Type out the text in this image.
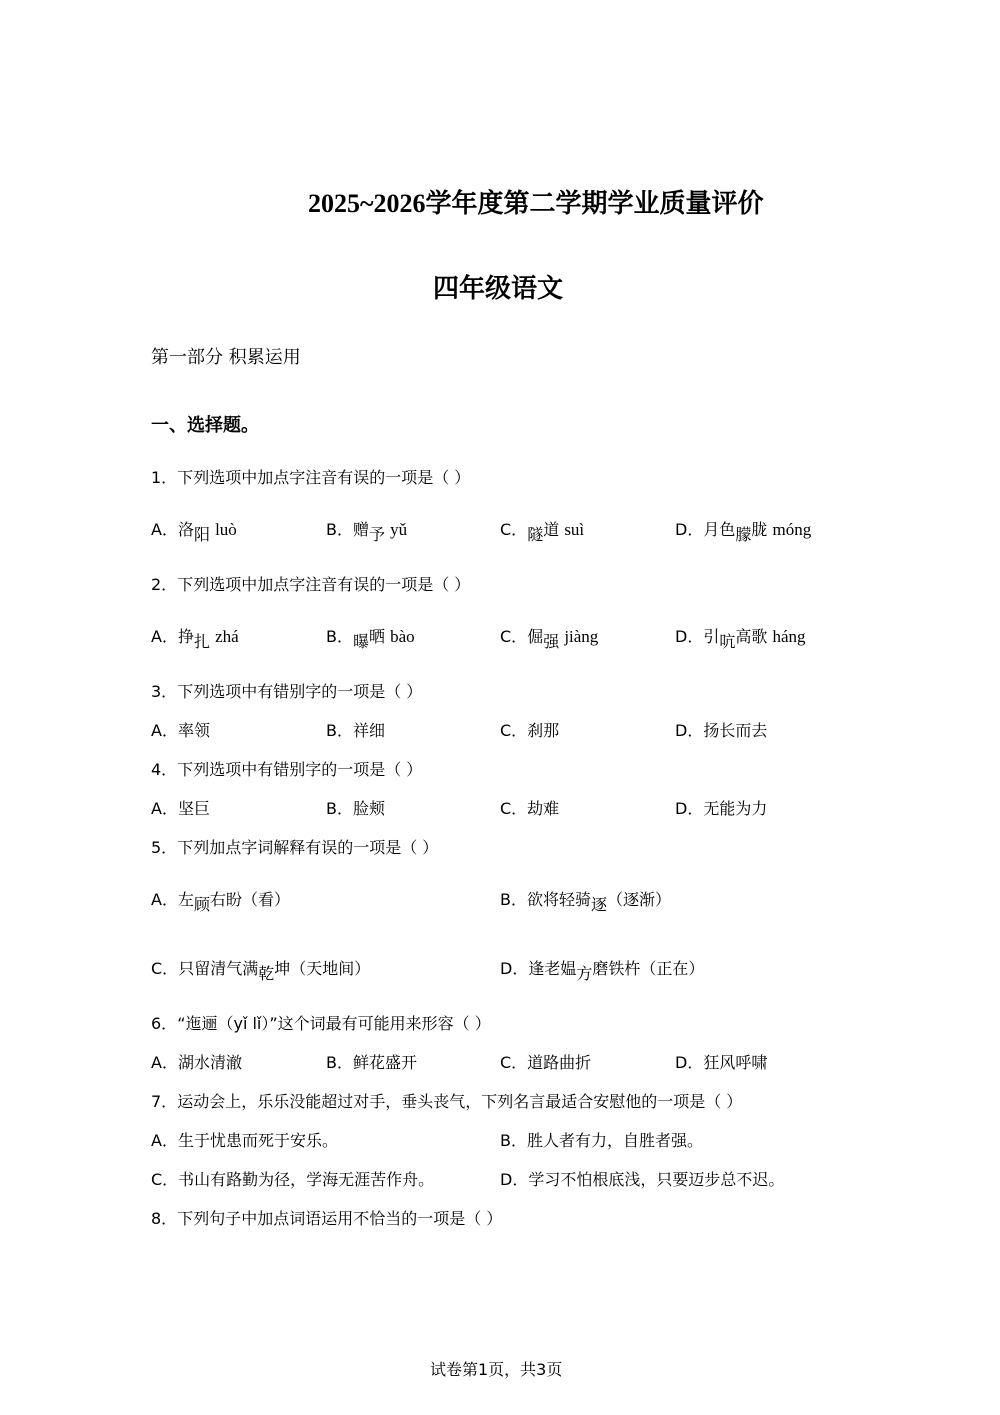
2025~2026学年度第二学期学业质量评价
四年级语文
第一部分 积累运用
一、选择题。
1．下列选项中加点字注音有误的一项是（ ）
A．洛阳 luò	B．赠予 yǔ	C．隧道 suì	D．月色朦胧 móng
2．下列选项中加点字注音有误的一项是（ ）
A．挣扎 zhá	B．曝晒 bào	C．倔强 jiàng	D．引吭高歌 háng
3．下列选项中有错别字的一项是（ ）
A．率领	B．祥细	C．刹那	D．扬长而去
4．下列选项中有错别字的一项是（ ）
A．坚巨	B．脸颊	C．劫难	D．无能为力
5．下列加点字词解释有误的一项是（ ）
A．左顾右盼（看）	B．欲将轻骑逐（逐渐）
C．只留清气满乾坤（天地间）	D．逢老媪方磨铁杵（正在）
6．“迤逦（yǐ lǐ）”这个词最有可能用来形容（ ）
A．湖水清澈	B．鲜花盛开	C．道路曲折	D．狂风呼啸
7．运动会上，乐乐没能超过对手，垂头丧气，下列名言最适合安慰他的一项是（ ）
A．生于忧患而死于安乐。	B．胜人者有力，自胜者强。
C．书山有路勤为径，学海无涯苦作舟。	D．学习不怕根底浅，只要迈步总不迟。
8．下列句子中加点词语运用不恰当的一项是（ ）
试卷第1页，共3页
